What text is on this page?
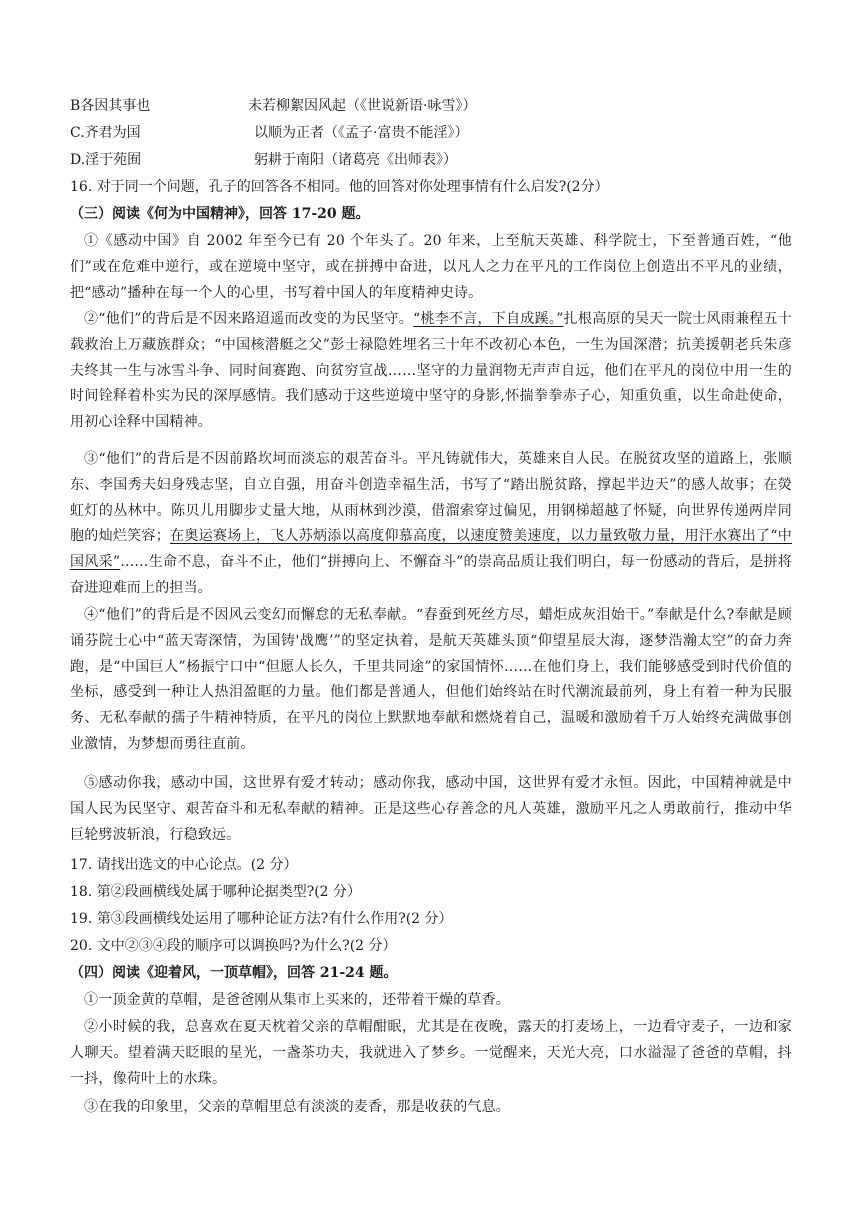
B各因其事也	未若柳絮因风起（《世说新语·咏雪》）
C.齐君为国	以顺为正者（《孟子·富贵不能淫》）
D.淫于苑囿	躬耕于南阳（诸葛亮《出师表》）
16. 对于同一个问题，孔子的回答各不相同。他的回答对你处理事情有什么启发?(2分）
（三）阅读《何为中国精神》，回答 17-20 题。
①《感动中国》自 2002 年至今已有 20 个年头了。20 年来，上至航天英雄、科学院士，下至普通百姓，“他们”或在危难中逆行，或在逆境中坚守，或在拼搏中奋进，以凡人之力在平凡的工作岗位上创造出不平凡的业绩，把“感动”播种在每一个人的心里，书写着中国人的年度精神史诗。
②“他们”的背后是不因来路迢遥而改变的为民坚守。“桃李不言，下自成蹊。”扎根高原的吴天一院士风雨兼程五十载救治上万藏族群众；“中国核潜艇之父”彭士禄隐姓埋名三十年不改初心本色，一生为国深潜；抗美援朝老兵朱彦夫终其一生与冰雪斗争、同时间赛跑、向贫穷宣战……坚守的力量润物无声声自远，他们在平凡的岗位中用一生的时间铨释着朴实为民的深厚感情。我们感动于这些逆境中坚守的身影,怀揣拳拳赤子心，知重负重，以生命赴使命，用初心诠释中国精神。
③“他们”的背后是不因前路坎坷而淡忘的艰苦奋斗。平凡铸就伟大，英雄来自人民。在脱贫攻坚的道路上，张顺东、李国秀夫妇身残志坚，自立自强，用奋斗创造幸福生活，书写了“踏出脱贫路，撑起半边天”的感人故事；在熒虹灯的丛林中。陈贝儿用脚步丈量大地，从雨林到沙漠，借溜索穿过偏见，用钢梯超越了怀疑，向世界传递两岸同胞的灿烂笑容；在奥运赛场上，飞人苏炳添以高度仰慕高度，以速度赞美速度，以力量致敬力量，用汗水赛出了“中国风采”……生命不息，奋斗不止，他们“拼搏向上、不懈奋斗”的崇高品质让我们明白，每一份感动的背后，是拼将奋进迎难而上的担当。
④“他们”的背后是不因风云变幻而懈怠的无私奉献。“春蚕到死丝方尽，蜡炬成灰泪始干。”奉献是什么?奉献是顾诵芬院士心中“蓝天寄深情，为国铸'战鹰’”的坚定执着，是航天英雄头顶“仰望星辰大海，逐梦浩瀚太空”的奋力奔跑，是“中国巨人”杨振宁口中“但愿人长久，千里共同途”的家国情怀……在他们身上，我们能够感受到时代价值的坐标，感受到一种让人热泪盈眶的力量。他们都是普通人，但他们始终站在时代潮流最前列，身上有着一种为民服务、无私奉献的孺子牛精神特质，在平凡的岗位上默默地奉献和燃烧着自己，温暖和激励着千万人始终充满做事创业激情，为梦想而勇往直前。
⑤感动你我，感动中国，这世界有爱才转动；感动你我，感动中国，这世界有爱才永恒。因此，中国精神就是中国人民为民坚守、艰苦奋斗和无私奉献的精神。正是这些心存善念的凡人英雄，激励平凡之人勇敢前行，推动中华巨轮劈波斩浪，行稳致远。
17. 请找出选文的中心论点。(2 分）
18. 第②段画横线处属于哪种论据类型?(2 分）
19. 第③段画横线处运用了哪种论证方法?有什么作用?(2 分）
20. 文中②③④段的顺序可以调换吗?为什么?(2 分）
（四）阅读《迎着风，一顶草帽》，回答 21-24 题。
①一顶金黄的草帽，是爸爸刚从集市上买来的，还带着干燥的草香。
②小时候的我，总喜欢在夏天枕着父亲的草帽酣眠，尤其是在夜晚，露天的打麦场上，一边看守麦子，一边和家人聊天。望着满天眨眼的星光，一盏茶功夫，我就进入了梦乡。一觉醒来，天光大亮，口水溢湿了爸爸的草帽，抖一抖，像荷叶上的水珠。
③在我的印象里，父亲的草帽里总有淡淡的麦香，那是收获的气息。
